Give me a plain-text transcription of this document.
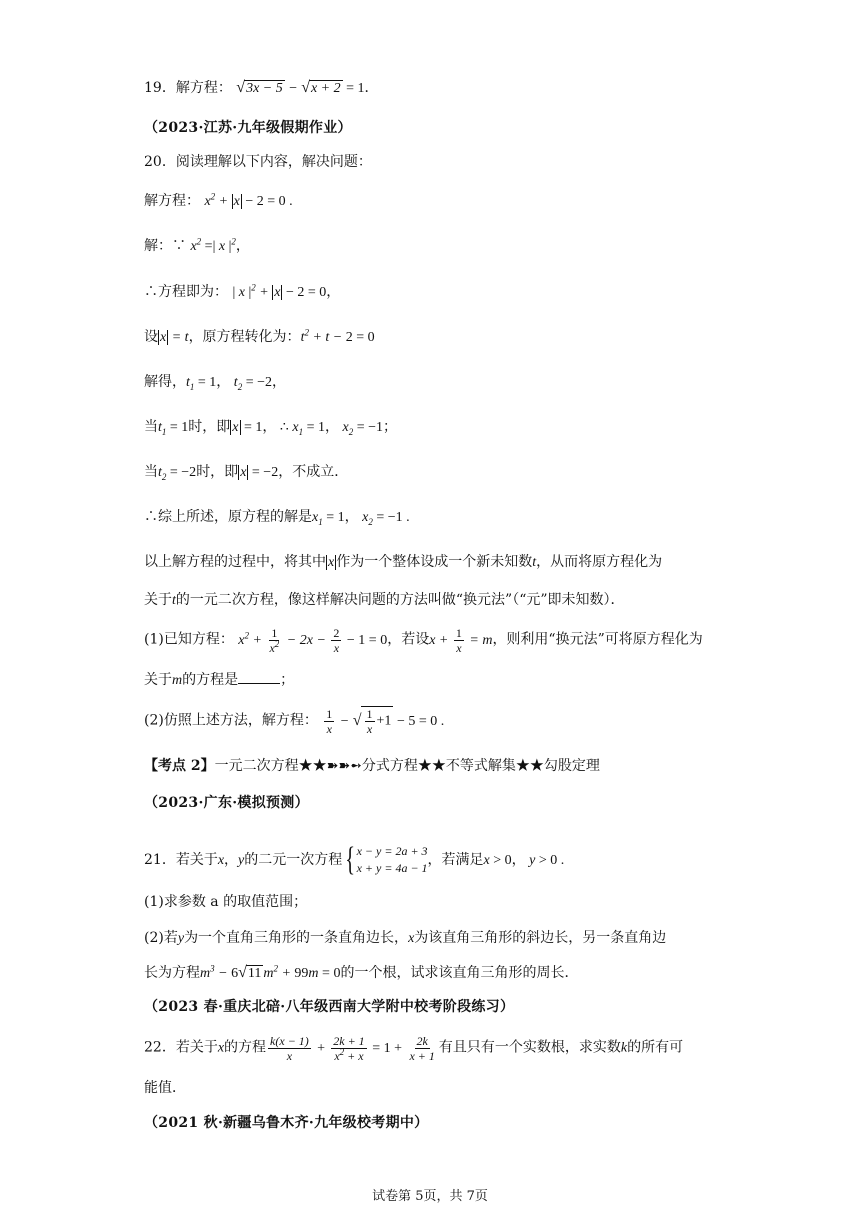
19．解方程： √3x − 5 − √x + 2 = 1．
（2023·江苏·九年级假期作业）
20．阅读理解以下内容，解决问题：
解方程： $x^2 + x - 2 = 0$ .
解：∵ $x^2$ =| x $|^2$，
∴方程即为： | x $|^2 + x - 2 = 0$，
设 x = t，原方程转化为：$t^2 + t - 2 = 0$
解得，$t_1 = 1$， $t_2 = -2$，
当$t_1 = 1$时，即 x = 1， ∴ $x_1 = 1$， $x_2 = -1$；
当$t_2 = -2$时，即 x = −2，不成立．
∴综上所述，原方程的解是$x_1 = 1$， $x_2 = -1$ .
以上解方程的过程中，将其中 x 作为一个整体设成一个新未知数t，从而将原方程化为
关于t的一元二次方程，像这样解决问题的方法叫做“换元法”（“元”即未知数）．
(1)已知方程： $x^2 + \frac{1}{x^2} - 2x - \frac{2}{x} - 1 = 0$，若设$x + \frac{1}{x} = m$，则利用“换元法”可将原方程化为
关于m的方程是	；
(2)仿照上述方法，解方程： $\frac{1}{x}$ − √ $\frac{1}{x} +1 - 5 = 0$ .
【考点 2】一元二次方程★★➽➽➻分式方程★★不等式解集★★勾股定理
（2023·广东·模拟预测）
21．若关于x，y的二元一次方程 { x − y = 2a + 3
x + y = 4a − 1 ，若满足x > 0， y > 0 .
(1)求参数 a 的取值范围；
(2)若y为一个直角三角形的一条直角边长，x为该直角三角形的斜边长，另一条直角边
长为方程$m^3 - 6√11$ $m^2 + 99m = 0$的一个根，试求该直角三角形的周长．
（2023 春·重庆北碚·八年级西南大学附中校考阶段练习）
22．若关于x的方程 $\frac{k(x - 1)}{x} + \frac{2k + 1}{x^2 + x} = 1 + \frac{2k}{x + 1}$ 有且只有一个实数根，求实数k的所有可
能值．
（2021 秋·新疆乌鲁木齐·九年级校考期中）
试卷第 5页，共 7页
